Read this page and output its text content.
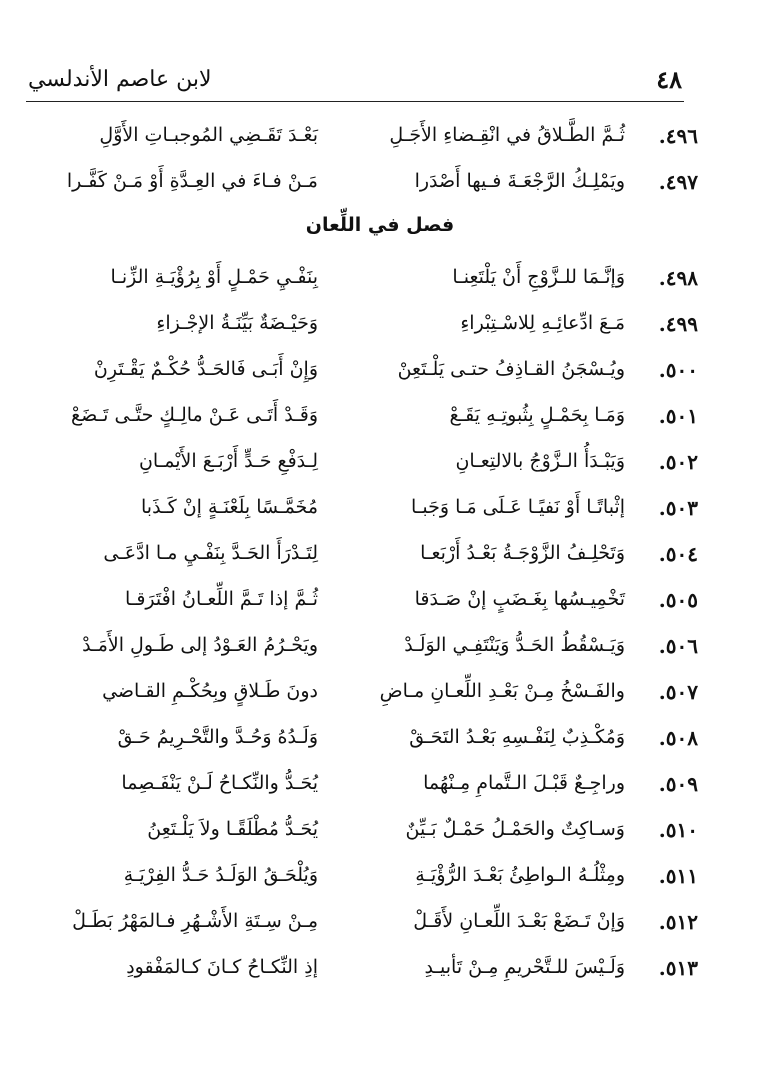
لابن عاصم الأندلسي	٤٨
٤٩٦.
ثُـمَّ الطَّـلاقُ في انْقِـضاءِ الأَجَـلِ
بَعْـدَ تَقَـضِي المُوجبـاتِ الأَوَّلِ
٤٩٧.
ويَمْلِـكُ الرَّجْعَـةَ فـيها أَصْدَرا
مَـنْ فـاءَ في العِـدَّةِ أَوْ مَـنْ كَفَّـرا
فصل في اللِّعان
٤٩٨.
وَإنَّـمَا للـزَّوْجِ أَنْ يَلْتَعِنـا
بِنَفْـيِ حَمْـلٍ أَوْ بِرُؤْيَـةِ الزِّنـا
٤٩٩.
مَـعَ ادِّعائِـهِ لِلاسْـتِبْراءِ
وَحَيْـضَةٌ بَيِّنَـةُ الإجْـزاءِ
٥٠٠.
ويُـسْجَنُ القـاذِفُ حتـى يَلْـتَعِنْ
وَإِنْ أَبَـى فَالحَـدُّ حُكْـمٌ يَقْـتَرِنْ
٥٠١.
وَمَـا بِحَمْـلٍ بِثُبوتِـهِ يَقَـعْ
وَقَـدْ أَتَـى عَـنْ مالِـكٍ حتَّـى تَـضَعْ
٥٠٢.
وَيَبْـدَأُ الـزَّوْجُ بالالتِعـانِ
لِـدَفْعِ حَـدٍّ أَرْبَـعَ الأَيْمـانِ
٥٠٣.
إثْباتًـا أَوْ نَفيًـا عَـلَى مَـا وَجَبـا
مُخَمَّـسًا بِلَعْنَـةٍ إنْ كَـذَبا
٥٠٤.
وَتَحْلِـفُ الزَّوْجَـةُ بَعْـدُ أَرْبَعـا
لِتَـدْرَأَ الحَـدَّ بِنَفْـيِ مـا ادَّعَـى
٥٠٥.
تَخْمِيـسُها بِغَـضَبٍ إنْ صَـدَقا
ثُـمَّ إذا تَـمَّ اللِّعـانُ افْتَرَقـا
٥٠٦.
وَيَـسْقُطُ الحَـدُّ وَيَنْتَفِـي الوَلَـدْ
ويَحْـرُمُ العَـوْدُ إلى طَـولِ الأَمَـدْ
٥٠٧.
والفَـسْخُ مِـنْ بَعْـدِ اللِّعـانِ مـاضِ
دونَ طَـلاقٍ وبِحُكْـمِ القـاضي
٥٠٨.
وَمُكْـذِبٌ لِنَفْـسِهِ بَعْـدُ التَحَـقْ
وَلَـدُهُ وَحُـدَّ والتَّحْـرِيمُ حَـقْ
٥٠٩.
وراجِـعٌ قَبْـلَ الـتَّمامِ مِـنْهُما
يُحَـدُّ والنِّكـاحُ لَـنْ يَنْفَـصِما
٥١٠.
وَسـاكِتٌ والحَمْـلُ حَمْـلٌ بَـيِّنٌ
يُحَـدُّ مُطْلَقًـا ولاَ يَلْـتَعِنُ
٥١١.
ومِثْلُـهُ الـواطِئُ بَعْـدَ الرُّؤْيَـةِ
وَيُلْحَـقُ الوَلَـدُ حَـدُّ الفِرْيَـةِ
٥١٢.
وَإنْ تَـضَعْ بَعْـدَ اللِّعـانِ لأَقَـلْ
مِـنْ سِـتَةِ الأَشْـهُرِ فـالمَهْرُ بَطَـلْ
٥١٣.
وَلَـيْسَ للـتَّحْريمِ مِـنْ تَأبيـدِ
إذِ النِّكـاحُ كـانَ كـالمَفْقودِ
